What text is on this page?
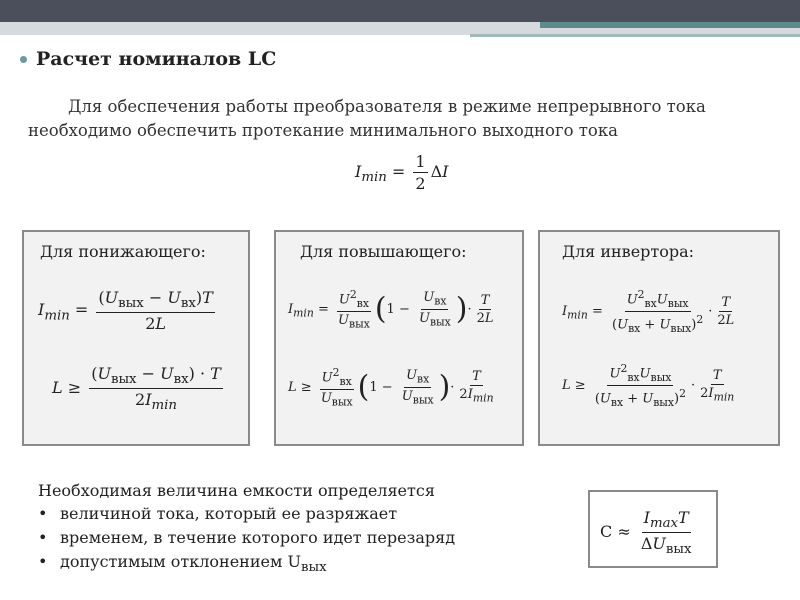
Расчет номиналов LC
Для обеспечения работы преобразователя в режиме непрерывного тока
необходимо обеспечить протекание минимального выходного тока
$I_{min} = \frac{1}{2}$ ΔI
Для понижающего:
$I_{min} = \frac{(U_{вых} - U_{вх})T}{2L}$
$L \ge \frac{(U_{вых} - U_{вх}) \cdot T}{2I_{min}}$
Для повышающего:
$I_{min} = \frac{U^2_{вх}}{U_{вых}} (1 - \frac{U_{вх}}{U_{вых}}$ )· $\frac{T}{2L}$
$L \ge \frac{U^2_{вх}}{U_{вых}} (1 - \frac{U_{вх}}{U_{вых}}$ )· $\frac{T}{2I_{min}}$
Для инвертора:
$I_{min} = \frac{U^2_{вх}U_{вых}}{(U_{вх} + U_{вых})^2} \cdot \frac{T}{2L}$
$L \ge \frac{U^2_{вх}U_{вых}}{(U_{вх} + U_{вых})^2} \cdot \frac{T}{2I_{min}}$
Необходимая величина емкости определяется
• величиной тока, который ее разряжает
• временем, в течение которого идет перезаряд
• допустимым отклонением $U_{вых}$
$C \approx \frac{I_{max}T}{\Delta U_{вых}}$
